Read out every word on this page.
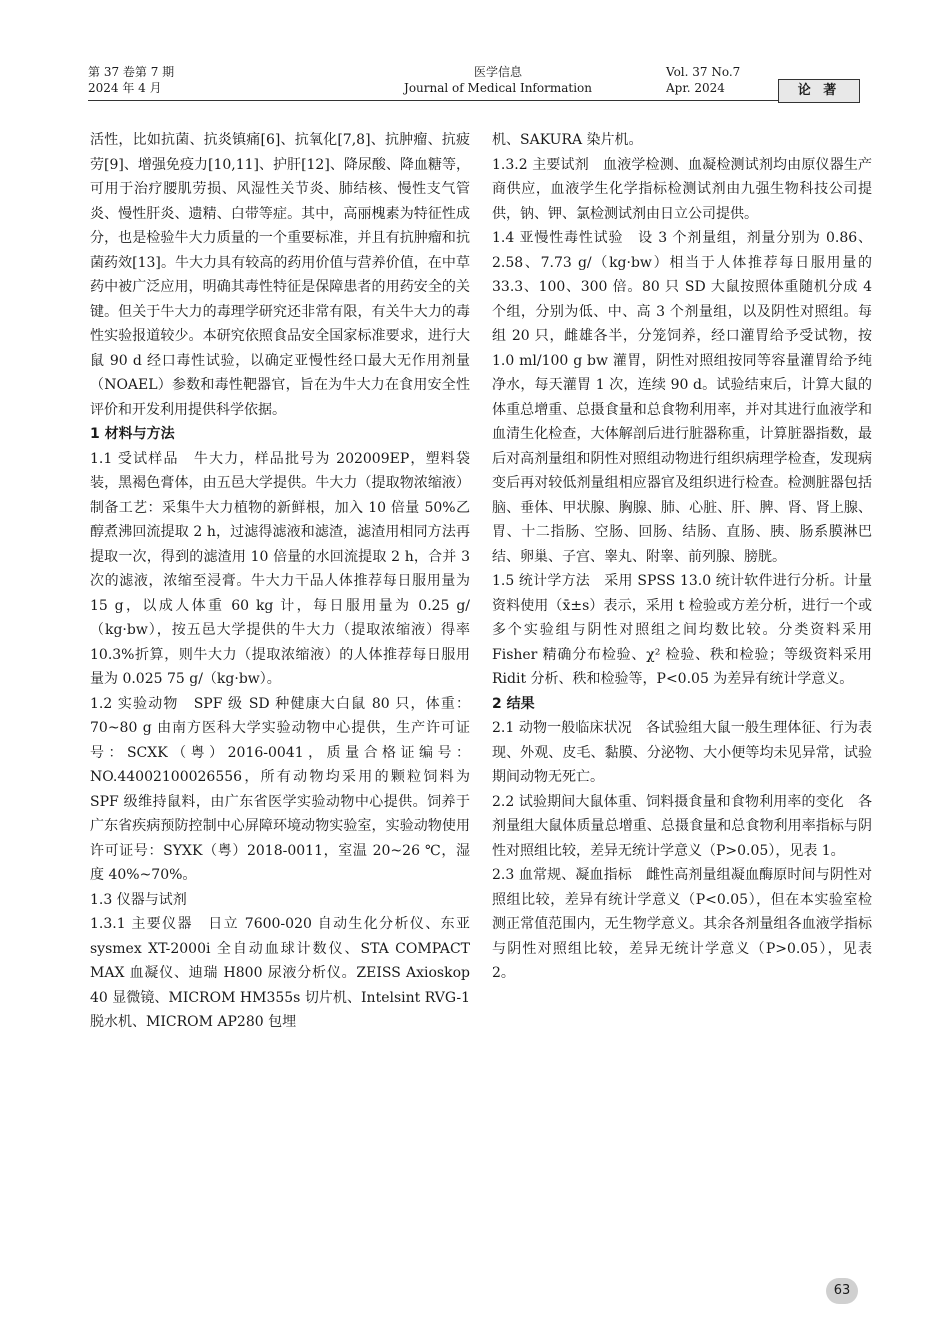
第 37 卷第 7 期
2024 年 4 月
医学信息
Journal of Medical Information
Vol. 37 No.7
Apr. 2024	论 著

活性，比如抗菌、抗炎镇痛[6]、抗氧化[7,8]、抗肿瘤、抗疲劳[9]、增强免疫力[10,11]、护肝[12]、降尿酸、降血糖等，可用于治疗腰肌劳损、风湿性关节炎、肺结核、慢性支气管炎、慢性肝炎、遗精、白带等症。其中，高丽槐素为特征性成分，也是检验牛大力质量的一个重要标准，并且有抗肿瘤和抗菌药效[13]。牛大力具有较高的药用价值与营养价值，在中草药中被广泛应用，明确其毒性特征是保障患者的用药安全的关键。但关于牛大力的毒理学研究还非常有限，有关牛大力的毒性实验报道较少。本研究依照食品安全国家标准要求，进行大鼠 90 d 经口毒性试验，以确定亚慢性经口最大无作用剂量（NOAEL）参数和毒性靶器官，旨在为牛大力在食用安全性评价和开发利用提供科学依据。

1 材料与方法

1.1 受试样品　牛大力，样品批号为 202009EP，塑料袋装，黑褐色膏体，由五邑大学提供。牛大力（提取物浓缩液）制备工艺：采集牛大力植物的新鲜根，加入 10 倍量 50%乙醇煮沸回流提取 2 h，过滤得滤液和滤渣，滤渣用相同方法再提取一次，得到的滤渣用 10 倍量的水回流提取 2 h，合并 3 次的滤液，浓缩至浸膏。牛大力干品人体推荐每日服用量为 15 g，以成人体重 60 kg 计，每日服用量为 0.25 g/（kg·bw），按五邑大学提供的牛大力（提取浓缩液）得率 10.3%折算，则牛大力（提取浓缩液）的人体推荐每日服用量为 0.025 75 g/（kg·bw）。

1.2 实验动物　SPF 级 SD 种健康大白鼠 80 只，体重：70~80 g 由南方医科大学实验动物中心提供，生产许可证号：SCXK（粤）2016-0041，质量合格证编号：NO.44002100026556，所有动物均采用的颗粒饲料为 SPF 级维持鼠料，由广东省医学实验动物中心提供。饲养于广东省疾病预防控制中心屏障环境动物实验室，实验动物使用许可证号：SYXK（粤）2018-0011，室温 20~26 ℃，湿度 40%~70%。

1.3 仪器与试剂

1.3.1 主要仪器　日立 7600-020 自动生化分析仪、东亚 sysmex XT-2000i 全自动血球计数仪、STA COMPACT MAX 血凝仪、迪瑞 H800 尿液分析仪。ZEISS Axioskop 40 显微镜、MICROM HM355s 切片机、Intelsint RVG-1 脱水机、MICROM AP280 包埋

机、SAKURA 染片机。

1.3.2 主要试剂　血液学检测、血凝检测试剂均由原仪器生产商供应，血液学生化学指标检测试剂由九强生物科技公司提供，钠、钾、氯检测试剂由日立公司提供。

1.4 亚慢性毒性试验　设 3 个剂量组，剂量分别为 0.86、2.58、7.73 g/（kg·bw）相当于人体推荐每日服用量的 33.3、100、300 倍。80 只 SD 大鼠按照体重随机分成 4 个组，分别为低、中、高 3 个剂量组，以及阴性对照组。每组 20 只，雌雄各半，分笼饲养，经口灌胃给予受试物，按 1.0 ml/100 g bw 灌胃，阴性对照组按同等容量灌胃给予纯净水，每天灌胃 1 次，连续 90 d。试验结束后，计算大鼠的体重总增重、总摄食量和总食物利用率，并对其进行血液学和血清生化检查，大体解剖后进行脏器称重，计算脏器指数，最后对高剂量组和阴性对照组动物进行组织病理学检查，发现病变后再对较低剂量组相应器官及组织进行检查。检测脏器包括脑、垂体、甲状腺、胸腺、肺、心脏、肝、脾、肾、肾上腺、胃、十二指肠、空肠、回肠、结肠、直肠、胰、肠系膜淋巴结、卵巢、子宫、睾丸、附睾、前列腺、膀胱。

1.5 统计学方法　采用 SPSS 13.0 统计软件进行分析。计量资料使用（x̄±s）表示，采用 t 检验或方差分析，进行一个或多个实验组与阴性对照组之间均数比较。分类资料采用 Fisher 精确分布检验、χ² 检验、秩和检验；等级资料采用 Ridit 分析、秩和检验等，P<0.05 为差异有统计学意义。

2 结果

2.1 动物一般临床状况　各试验组大鼠一般生理体征、行为表现、外观、皮毛、黏膜、分泌物、大小便等均未见异常，试验期间动物无死亡。

2.2 试验期间大鼠体重、饲料摄食量和食物利用率的变化　各剂量组大鼠体质量总增重、总摄食量和总食物利用率指标与阴性对照组比较，差异无统计学意义（P>0.05），见表 1。

2.3 血常规、凝血指标　雌性高剂量组凝血酶原时间与阴性对照组比较，差异有统计学意义（P<0.05），但在本实验室检测正常值范围内，无生物学意义。其余各剂量组各血液学指标与阴性对照组比较，差异无统计学意义（P>0.05），见表 2。

63
